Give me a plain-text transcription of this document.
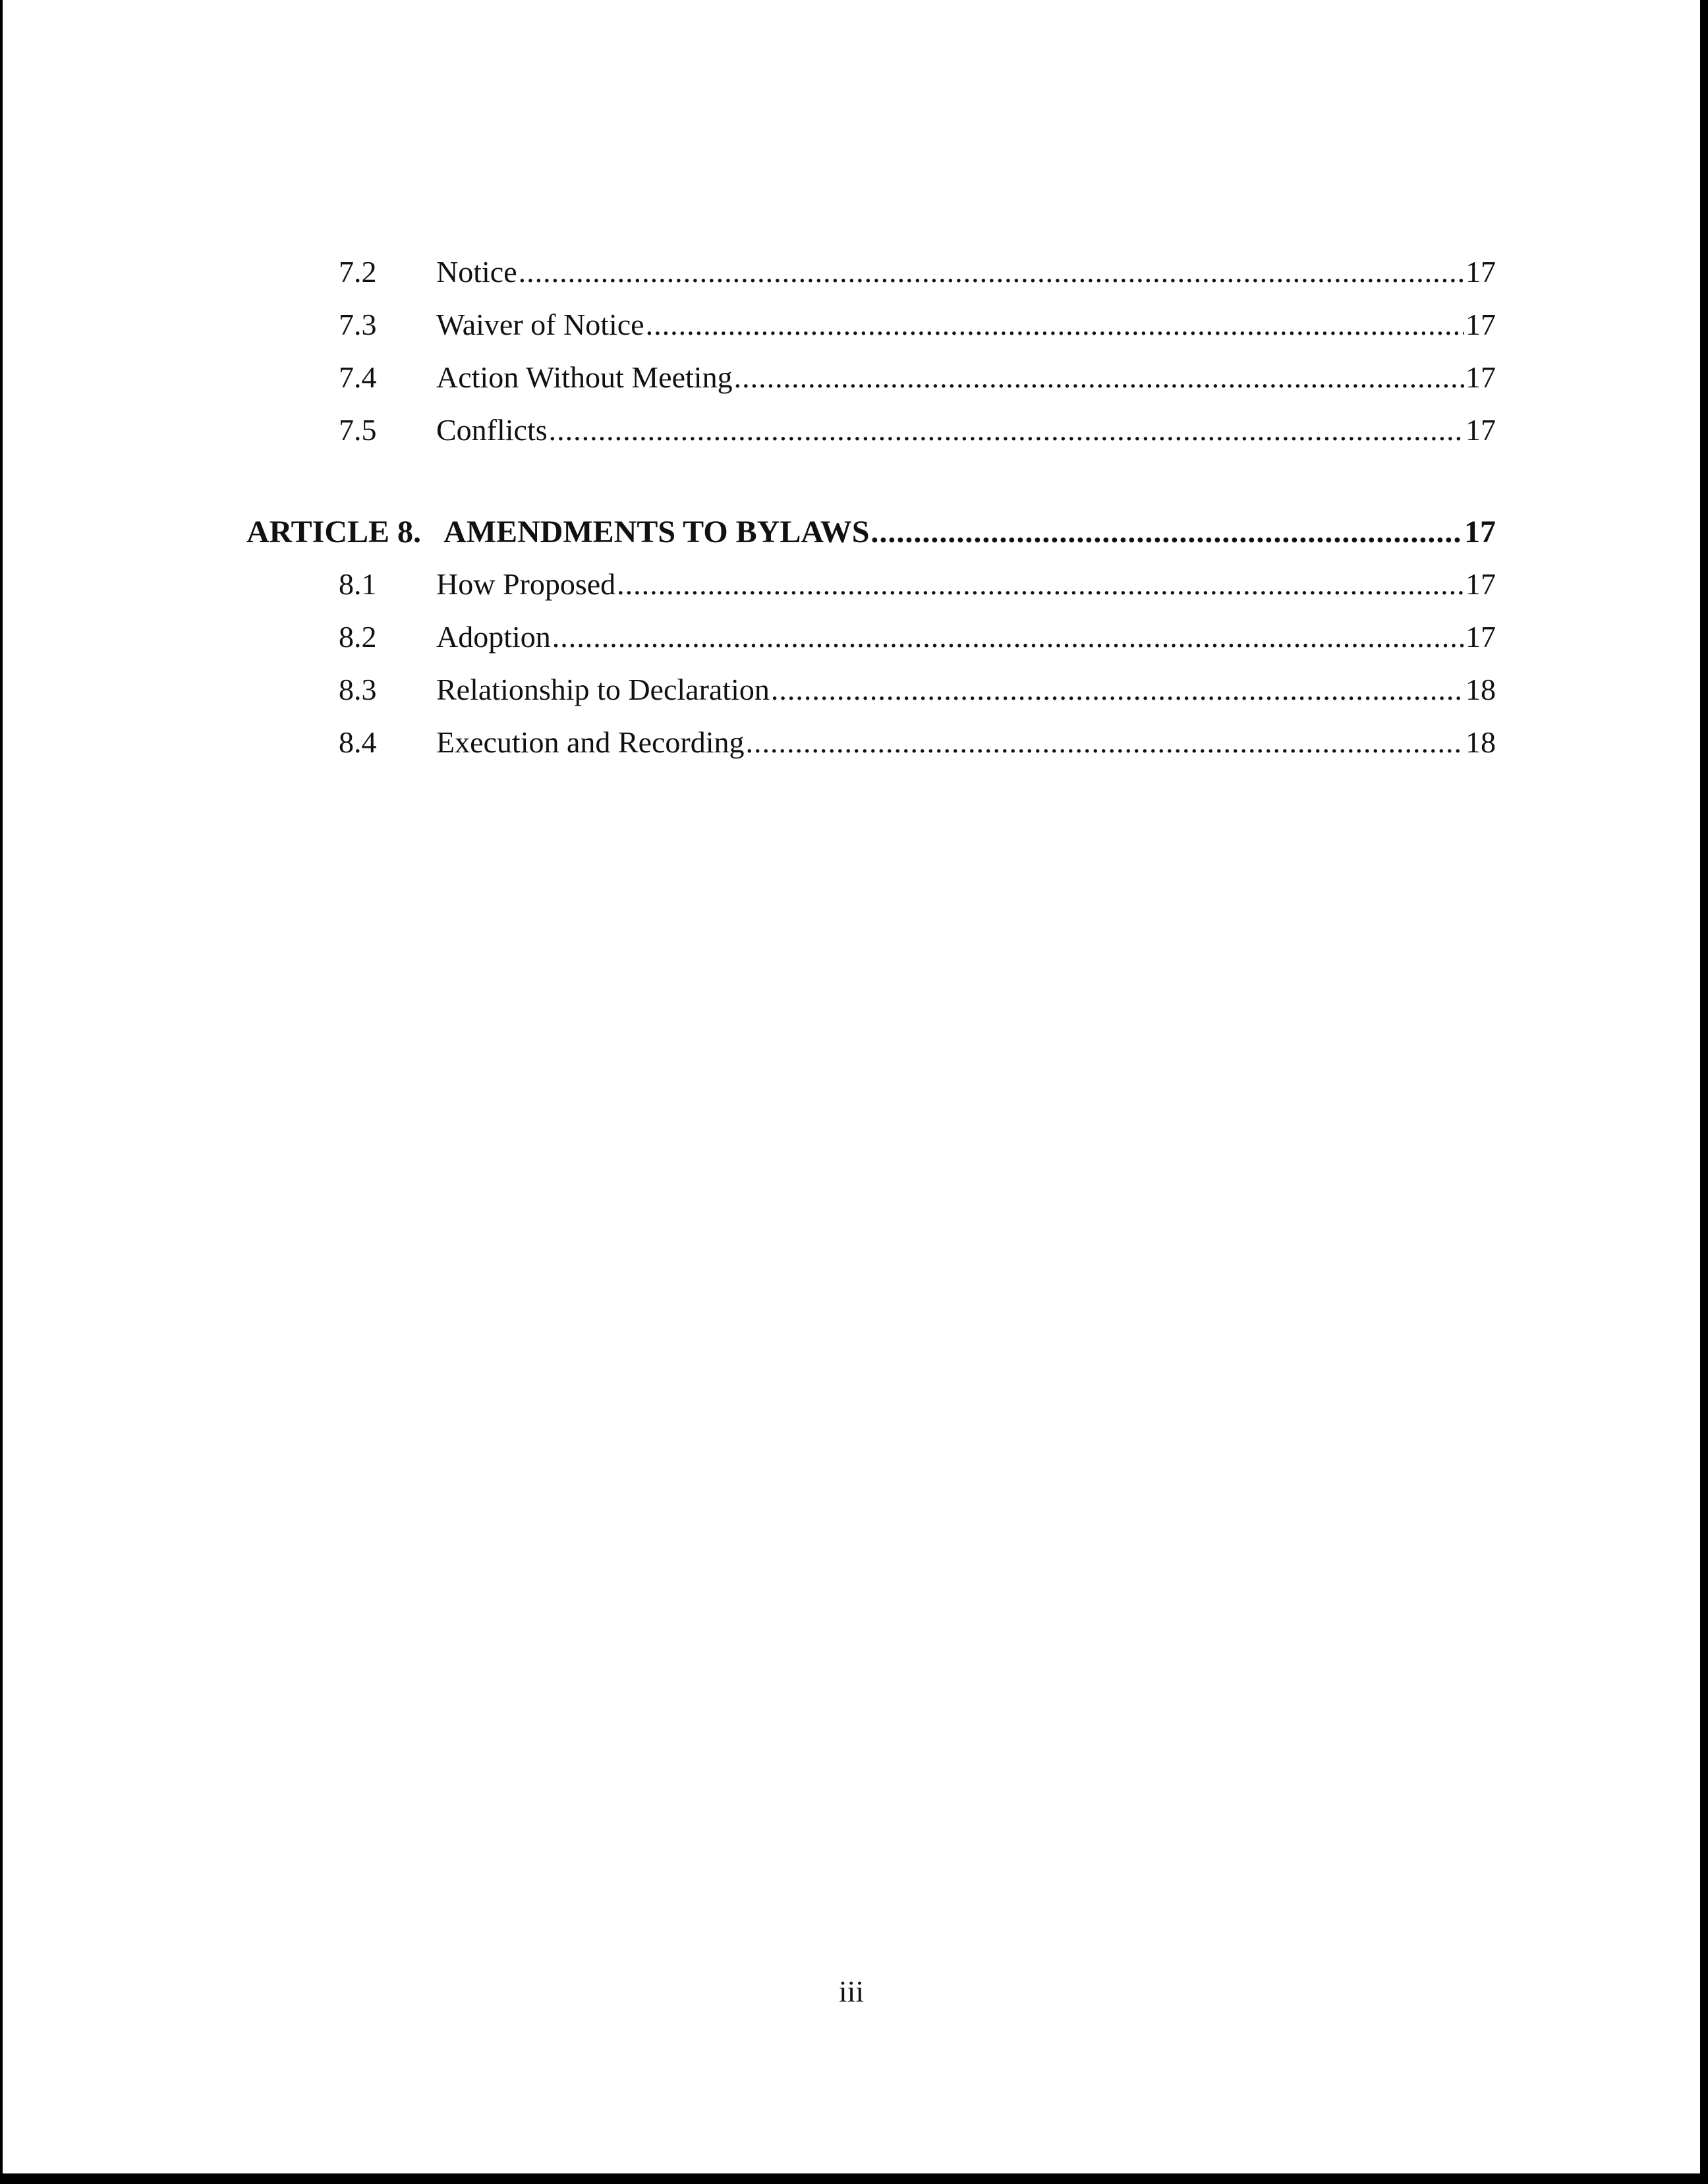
7.2	Notice .....	17
7.3	Waiver of Notice .....	17
7.4	Action Without Meeting .....	17
7.5	Conflicts .....	17
ARTICLE 8. AMENDMENTS TO BYLAWS .....	17
8.1	How Proposed .....	17
8.2	Adoption .....	17
8.3	Relationship to Declaration .....	18
8.4	Execution and Recording .....	18
iii
